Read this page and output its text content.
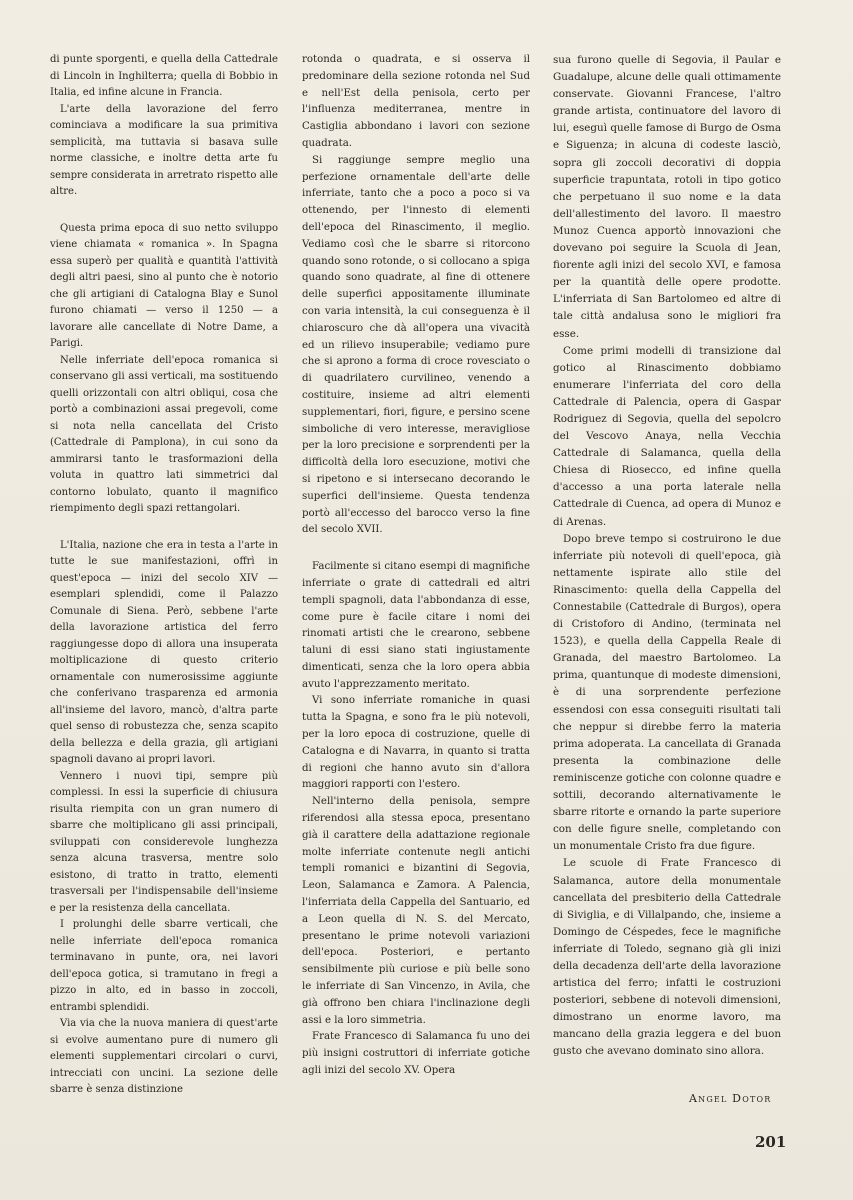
di punte sporgenti, e quella della Cattedrale di Lincoln in Inghilterra; quella di Bobbio in Italia, ed infine alcune in Francia.

L'arte della lavorazione del ferro cominciava a modificare la sua primitiva semplicità, ma tuttavia si basava sulle norme classiche, e inoltre detta arte fu sempre considerata in arretrato rispetto alle altre.

Questa prima epoca di suo netto sviluppo viene chiamata « romanica ». In Spagna essa superò per qualità e quantità l'attività degli altri paesi, sino al punto che è notorio che gli artigiani di Catalogna Blay e Sunol furono chiamati — verso il 1250 — a lavorare alle cancellate di Notre Dame, a Parigi.

Nelle inferriate dell'epoca romanica si conservano gli assi verticali, ma sostituendo quelli orizzontali con altri obliqui, cosa che portò a combinazioni assai pregevoli, come si nota nella cancellata del Cristo (Cattedrale di Pamplona), in cui sono da ammirarsi tanto le trasformazioni della voluta in quattro lati simmetrici dal contorno lobulato, quanto il magnifico riempimento degli spazi rettangolari.

L'Italia, nazione che era in testa a l'arte in tutte le sue manifestazioni, offrì in quest'epoca — inizi del secolo XIV — esemplari splendidi, come il Palazzo Comunale di Siena. Però, sebbene l'arte della lavorazione artistica del ferro raggiungesse dopo di allora una insuperata moltiplicazione di questo criterio ornamentale con numerosissime aggiunte che conferivano trasparenza ed armonia all'insieme del lavoro, mancò, d'altra parte quel senso di robustezza che, senza scapito della bellezza e della grazia, gli artigiani spagnoli davano ai propri lavori.

Vennero i nuovi tipi, sempre più complessi. In essi la superficie di chiusura risulta riempita con un gran numero di sbarre che moltiplicano gli assi principali, sviluppati con considerevole lunghezza senza alcuna trasversa, mentre solo esistono, di tratto in tratto, elementi trasversali per l'indispensabile dell'insieme e per la resistenza della cancellata.

I prolunghi delle sbarre verticali, che nelle inferriate dell'epoca romanica terminavano in punte, ora, nei lavori dell'epoca gotica, si tramutano in fregi a pizzo in alto, ed in basso in zoccoli, entrambi splendidi.

Via via che la nuova maniera di quest'arte si evolve aumentano pure di numero gli elementi supplementari circolari o curvi, intrecciati con uncini. La sezione delle sbarre è senza distinzione

rotonda o quadrata, e si osserva il predominare della sezione rotonda nel Sud e nell'Est della penisola, certo per l'influenza mediterranea, mentre in Castiglia abbondano i lavori con sezione quadrata.

Si raggiunge sempre meglio una perfezione ornamentale dell'arte delle inferriate, tanto che a poco a poco si va ottenendo, per l'innesto di elementi dell'epoca del Rinascimento, il meglio. Vediamo così che le sbarre si ritorcono quando sono rotonde, o si collocano a spiga quando sono quadrate, al fine di ottenere delle superfici appositamente illuminate con varia intensità, la cui conseguenza è il chiaroscuro che dà all'opera una vivacità ed un rilievo insuperabile; vediamo pure che si aprono a forma di croce rovesciato o di quadrilatero curvilineo, venendo a costituire, insieme ad altri elementi supplementari, fiori, figure, e persino scene simboliche di vero interesse, meravigliose per la loro precisione e sorprendenti per la difficoltà della loro esecuzione, motivi che si ripetono e si intersecano decorando le superfici dell'insieme. Questa tendenza portò all'eccesso del barocco verso la fine del secolo XVII.

Facilmente si citano esempi di magnifiche inferriate o grate di cattedrali ed altri templi spagnoli, data l'abbondanza di esse, come pure è facile citare i nomi dei rinomati artisti che le crearono, sebbene taluni di essi siano stati ingiustamente dimenticati, senza che la loro opera abbia avuto l'apprezzamento meritato.

Vi sono inferriate romaniche in quasi tutta la Spagna, e sono fra le più notevoli, per la loro epoca di costruzione, quelle di Catalogna e di Navarra, in quanto si tratta di regioni che hanno avuto sin d'allora maggiori rapporti con l'estero.

Nell'interno della penisola, sempre riferendosi alla stessa epoca, presentano già il carattere della adattazione regionale molte inferriate contenute negli antichi templi romanici e bizantini di Segovia, Leon, Salamanca e Zamora. A Palencia, l'inferriata della Cappella del Santuario, ed a Leon quella di N. S. del Mercato, presentano le prime notevoli variazioni dell'epoca. Posteriori, e pertanto sensibilmente più curiose e più belle sono le inferriate di San Vincenzo, in Avila, che già offrono ben chiara l'inclinazione degli assi e la loro simmetria.

Frate Francesco di Salamanca fu uno dei più insigni costruttori di inferriate gotiche agli inizi del secolo XV. Opera

sua furono quelle di Segovia, il Paular e Guadalupe, alcune delle quali ottimamente conservate. Giovanni Francese, l'altro grande artista, continuatore del lavoro di lui, eseguì quelle famose di Burgo de Osma e Siguenza; in alcuna di codeste lasciò, sopra gli zoccoli decorativi di doppia superficie trapuntata, rotoli in tipo gotico che perpetuano il suo nome e la data dell'allestimento del lavoro. Il maestro Munoz Cuenca apportò innovazioni che dovevano poi seguire la Scuola di Jean, fiorente agli inizi del secolo XVI, e famosa per la quantità delle opere prodotte. L'inferriata di San Bartolomeo ed altre di tale città andalusa sono le migliori fra esse.

Come primi modelli di transizione dal gotico al Rinascimento dobbiamo enumerare l'inferriata del coro della Cattedrale di Palencia, opera di Gaspar Rodriguez di Segovia, quella del sepolcro del Vescovo Anaya, nella Vecchia Cattedrale di Salamanca, quella della Chiesa di Riosecco, ed infine quella d'accesso a una porta laterale nella Cattedrale di Cuenca, ad opera di Munoz e di Arenas.

Dopo breve tempo si costruirono le due inferriate più notevoli di quell'epoca, già nettamente ispirate allo stile del Rinascimento: quella della Cappella del Connestabile (Cattedrale di Burgos), opera di Cristoforo di Andino, (terminata nel 1523), e quella della Cappella Reale di Granada, del maestro Bartolomeo. La prima, quantunque di modeste dimensioni, è di una sorprendente perfezione essendosi con essa conseguiti risultati tali che neppur si direbbe ferro la materia prima adoperata. La cancellata di Granada presenta la combinazione delle reminiscenze gotiche con colonne quadre e sottili, decorando alternativamente le sbarre ritorte e ornando la parte superiore con delle figure snelle, completando con un monumentale Cristo fra due figure.

Le scuole di Frate Francesco di Salamanca, autore della monumentale cancellata del presbiterio della Cattedrale di Siviglia, e di Villalpando, che, insieme a Domingo de Céspedes, fece le magnifiche inferriate di Toledo, segnano già gli inizi della decadenza dell'arte della lavorazione artistica del ferro; infatti le costruzioni posteriori, sebbene di notevoli dimensioni, dimostrano un enorme lavoro, ma mancano della grazia leggera e del buon gusto che avevano dominato sino allora.

Angel Dotor
201
